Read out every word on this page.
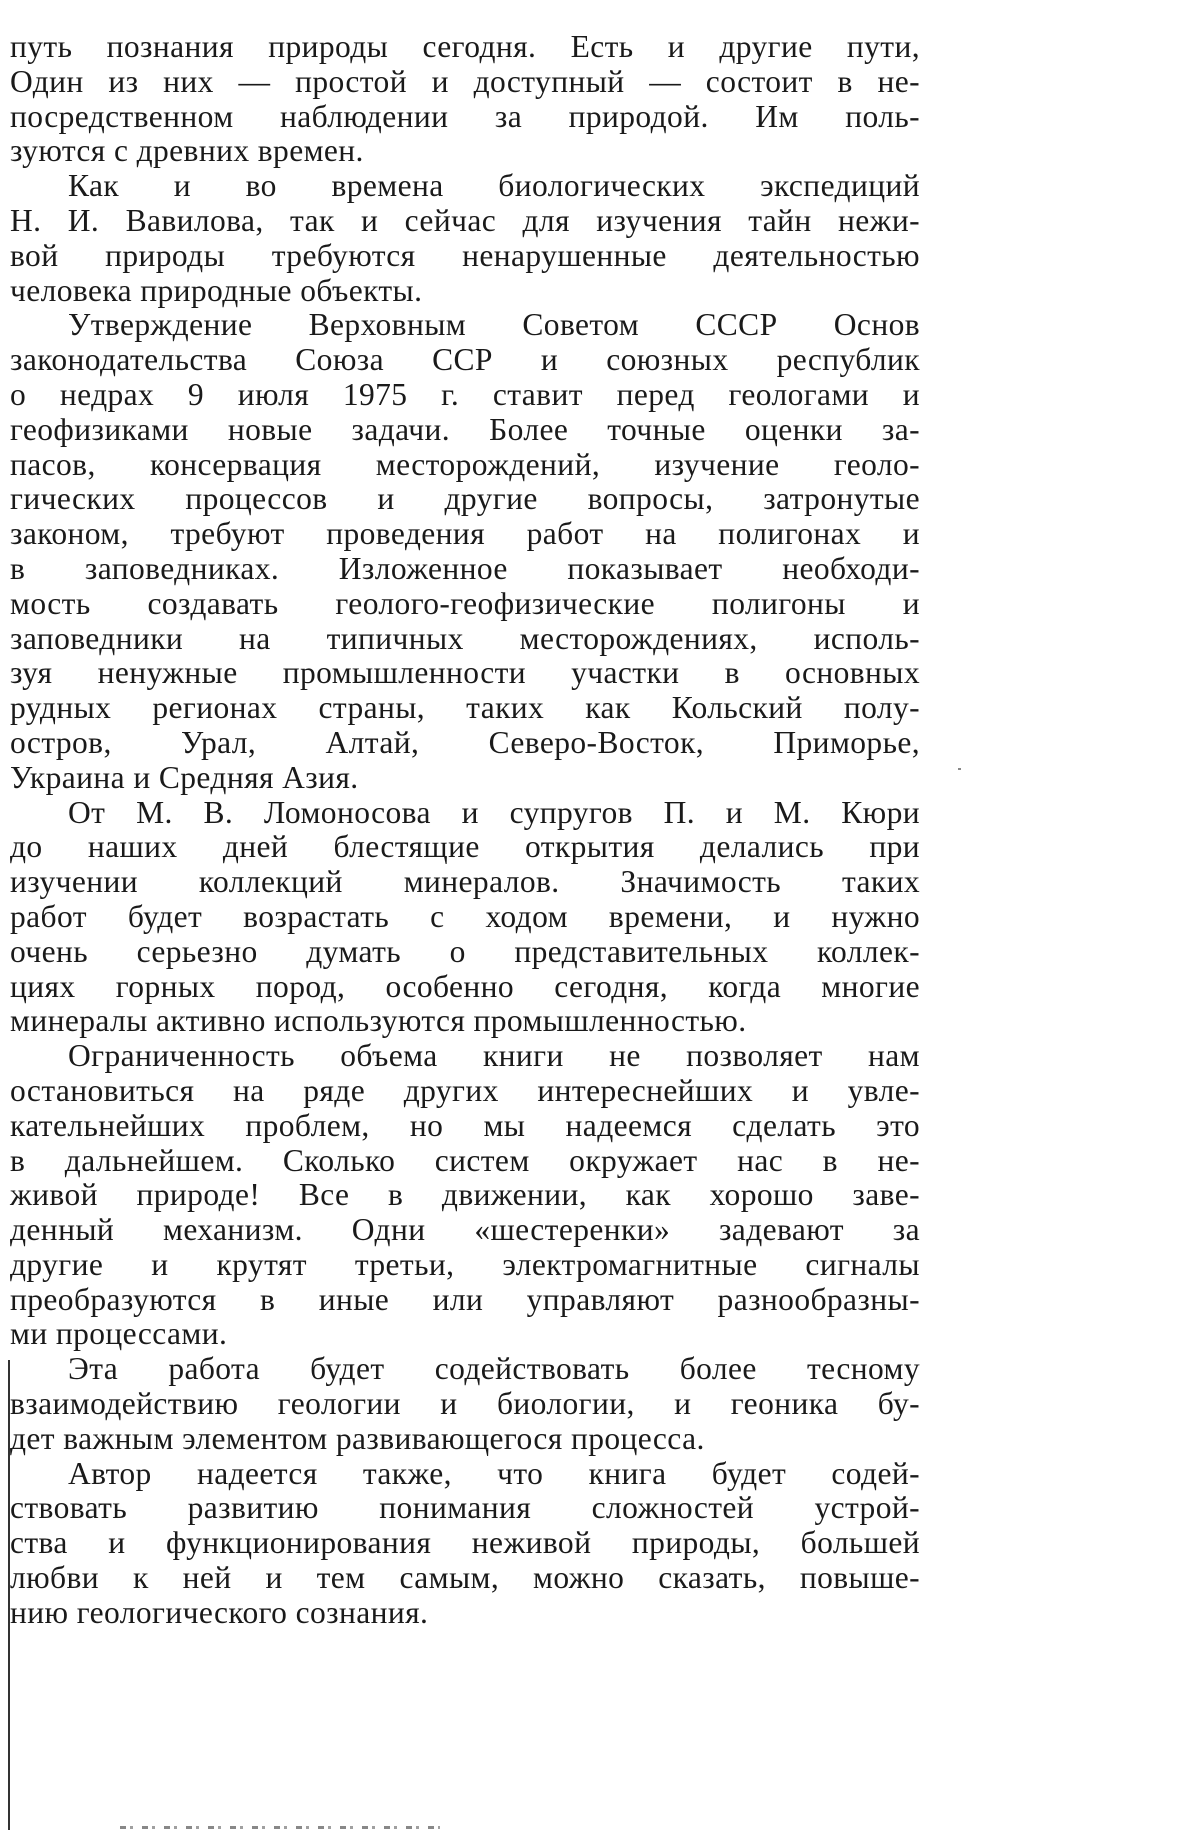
путь познания природы сегодня. Есть и другие пути,
Один из них — простой и доступный — состоит в не-
посредственном наблюдении за природой. Им поль-
зуются с древних времен.
Как и во времена биологических экспедиций
Н. И. Вавилова, так и сейчас для изучения тайн нежи-
вой природы требуются ненарушенные деятельностью
человека природные объекты.
Утверждение Верховным Советом СССР Основ
законодательства Союза ССР и союзных республик
о недрах 9 июля 1975 г. ставит перед геологами и
геофизиками новые задачи. Более точные оценки за-
пасов, консервация месторождений, изучение геоло-
гических процессов и другие вопросы, затронутые
законом, требуют проведения работ на полигонах и
в заповедниках. Изложенное показывает необходи-
мость создавать геолого-геофизические полигоны и
заповедники на типичных месторождениях, исполь-
зуя ненужные промышленности участки в основных
рудных регионах страны, таких как Кольский полу-
остров, Урал, Алтай, Северо-Восток, Приморье,
Украина и Средняя Азия.
От М. В. Ломоносова и супругов П. и М. Кюри
до наших дней блестящие открытия делались при
изучении коллекций минералов. Значимость таких
работ будет возрастать с ходом времени, и нужно
очень серьезно думать о представительных коллек-
циях горных пород, особенно сегодня, когда многие
минералы активно используются промышленностью.
Ограниченность объема книги не позволяет нам
остановиться на ряде других интереснейших и увле-
кательнейших проблем, но мы надеемся сделать это
в дальнейшем. Сколько систем окружает нас в не-
живой природе! Все в движении, как хорошо заве-
денный механизм. Одни «шестеренки» задевают за
другие и крутят третьи, электромагнитные сигналы
преобразуются в иные или управляют разнообразны-
ми процессами.
Эта работа будет содействовать более тесному
взаимодействию геологии и биологии, и геоника бу-
дет важным элементом развивающегося процесса.
Автор надеется также, что книга будет содей-
ствовать развитию понимания сложностей устрой-
ства и функционирования неживой природы, большей
любви к ней и тем самым, можно сказать, повыше-
нию геологического сознания.
